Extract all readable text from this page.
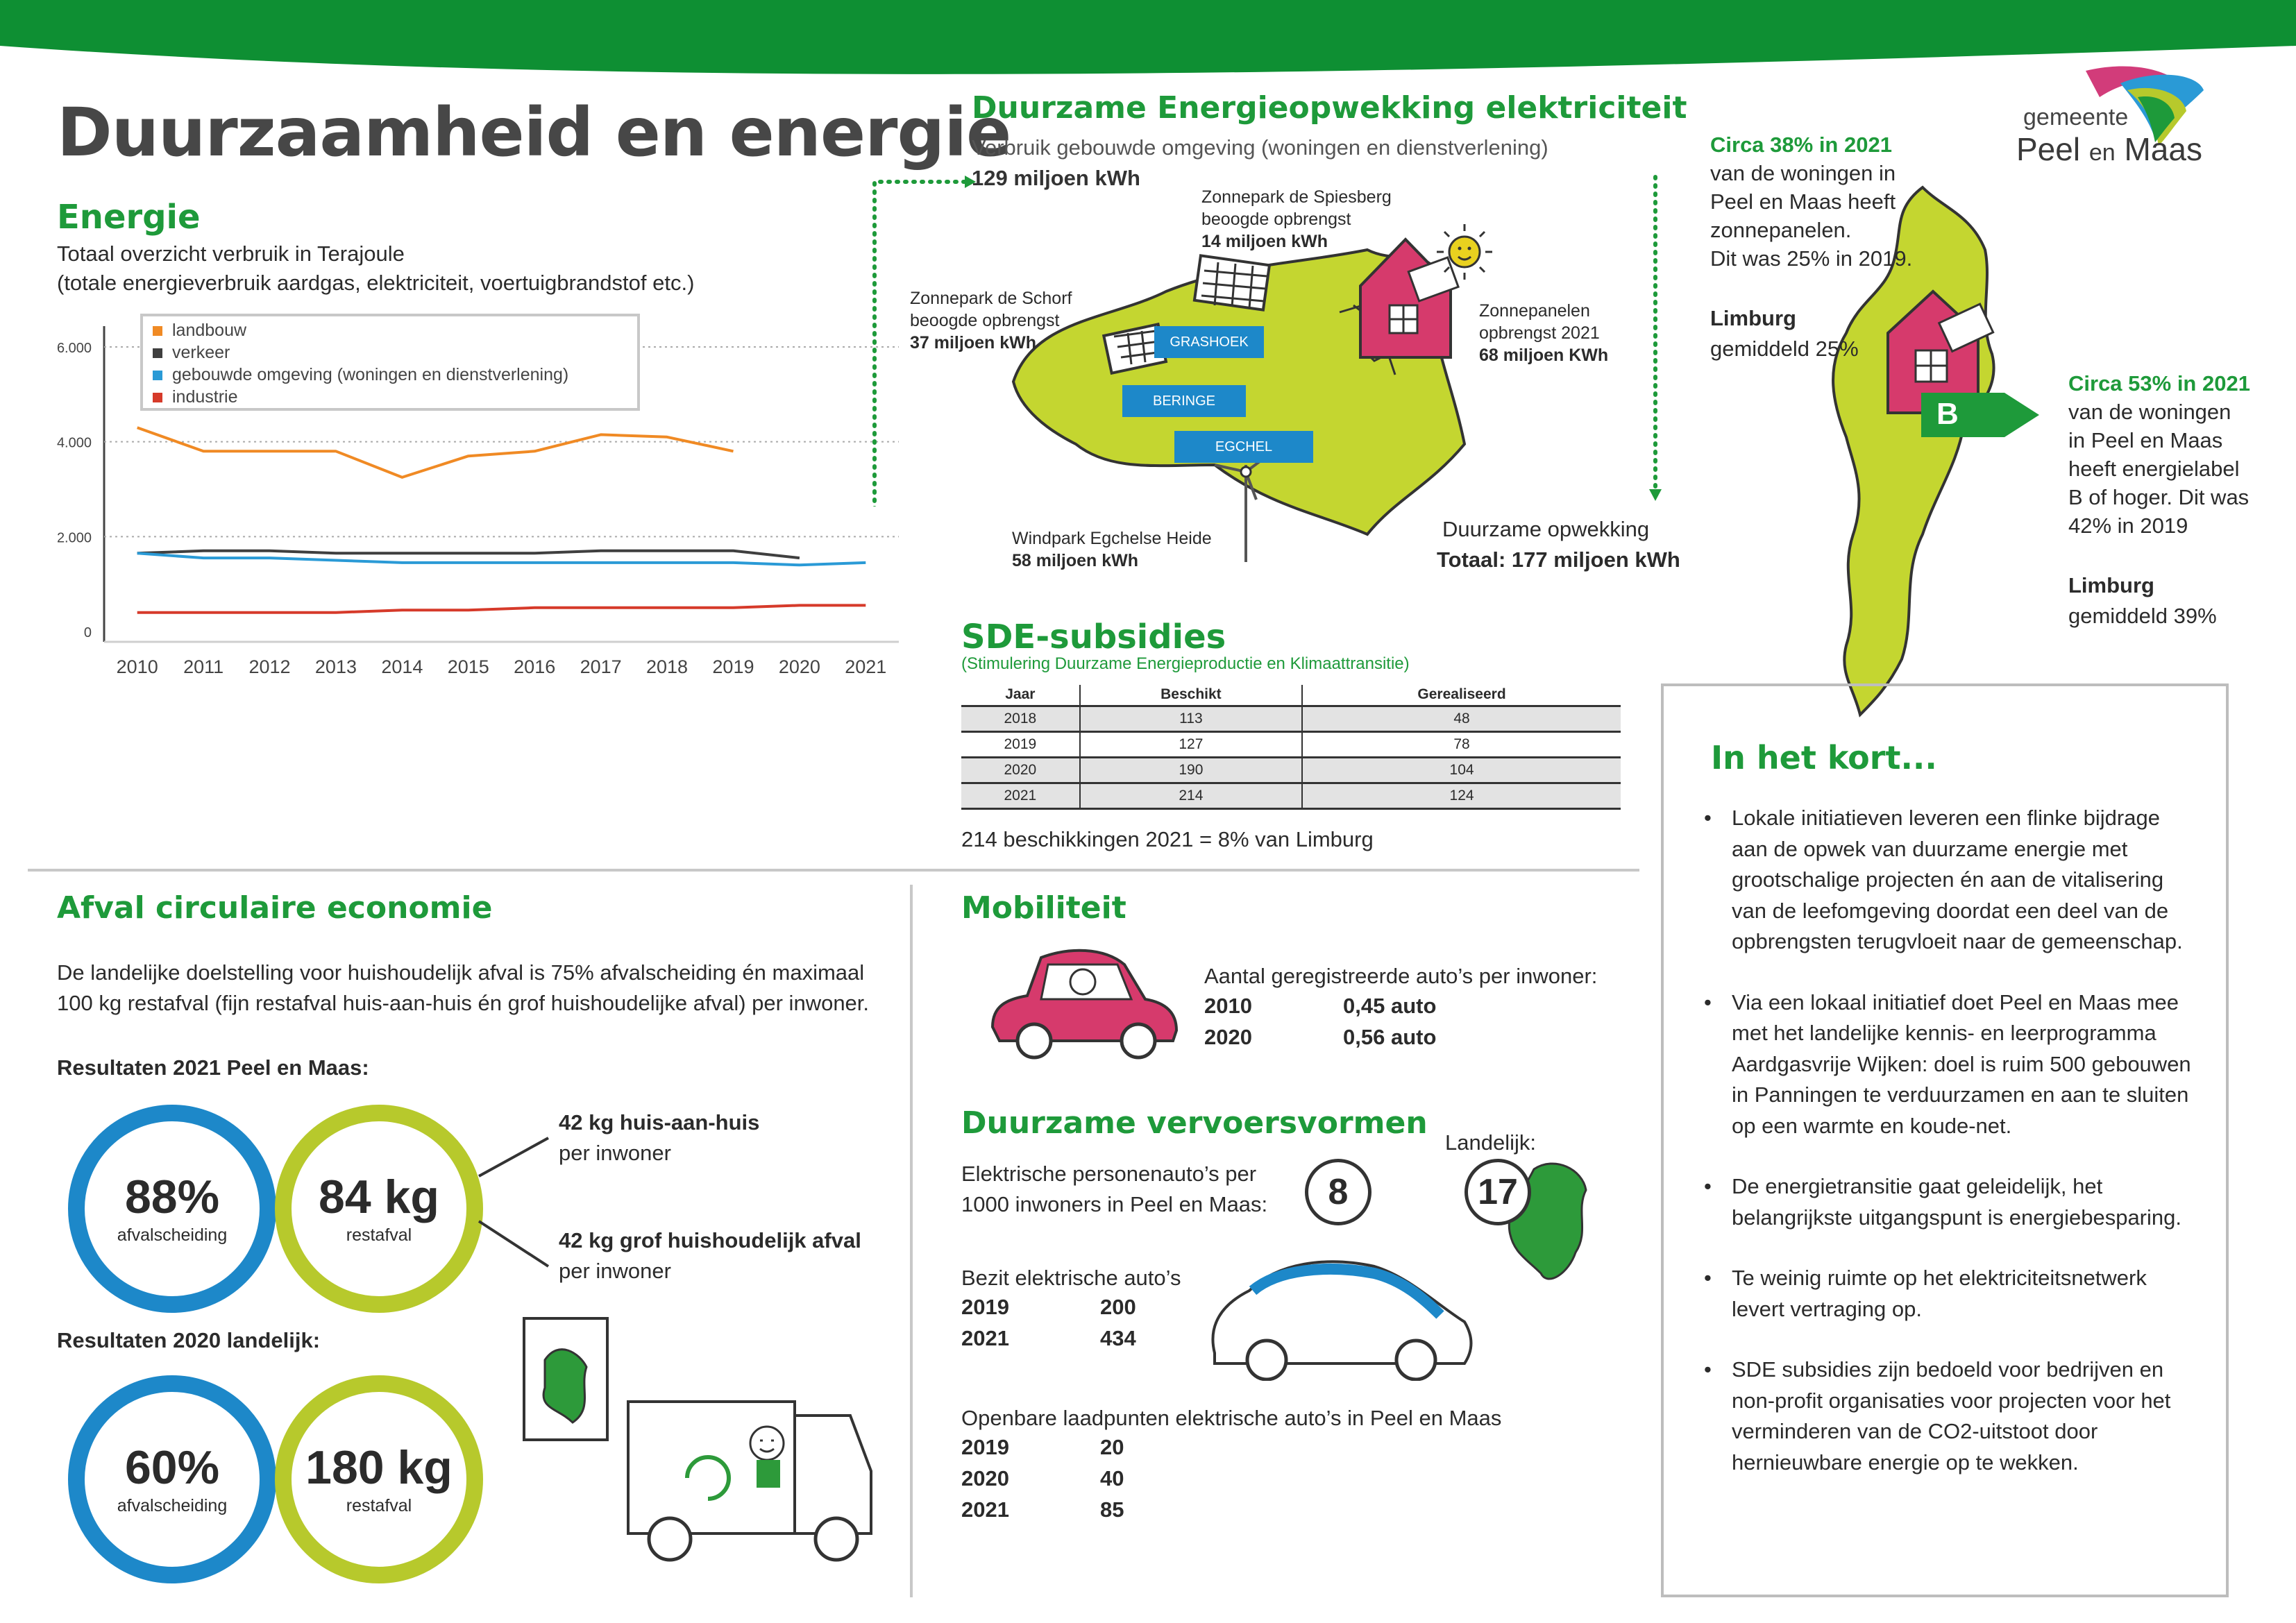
Duurzaamheid en energie	gemeente
Peel en Maas
Energie
Totaal overzicht verbruik in Terajoule
(totale energieverbruik aardgas, elektriciteit, voertuigbrandstof etc.)
0
2.000
4.000
6.000
2010 2011 2012 2013 2014 2015 2016 2017 2018 2019 2020 2021
landbouw
verkeer
gebouwde omgeving (woningen en dienstverlening)
industrie
Duurzame Energieopwekking elektriciteit
Verbruik gebouwde omgeving (woningen en dienstverlening)
129 miljoen kWh
GRASHOEK
BERINGE
EGCHEL
Zonnepark de Spiesberg
beoogde opbrengst
14 miljoen kWh
Zonnepark de Schorf
beoogde opbrengst
37 miljoen kWh
Zonnepanelen
opbrengst 2021
68 miljoen KWh
Windpark Egchelse Heide
58 miljoen kWh
Duurzame opwekking
Totaal: 177 miljoen kWh
SDE-subsidies
(Stimulering Duurzame Energieproductie en Klimaattransitie)
Jaar	Beschikt	Gerealiseerd
2018	113	48
2019	127	78
2020	190	104
2021	214	124
214 beschikkingen 2021 = 8% van Limburg
B
Circa 38% in 2021
van de woningen in
Peel en Maas heeft
zonnepanelen.
Dit was 25% in 2019.
Limburg
gemiddeld 25%
Circa 53% in 2021
van de woningen
in Peel en Maas
heeft energielabel
B of hoger. Dit was
42% in 2019
Limburg
gemiddeld 39%
In het kort...
• Lokale initiatieven leveren een flinke bijdrage aan de opwek van duurzame energie met grootschalige projecten én aan de vitalisering van de leefomgeving doordat een deel van de opbrengsten terugvloeit naar de gemeenschap.
• Via een lokaal initiatief doet Peel en Maas mee met het landelijke kennis- en leerprogramma Aardgasvrije Wijken: doel is ruim 500 gebouwen in Panningen te verduurzamen en aan te sluiten op een warmte en koude-net.
• De energietransitie gaat geleidelijk, het belangrijkste uitgangspunt is energiebesparing.
• Te weinig ruimte op het elektriciteitsnetwerk levert vertraging op.
• SDE subsidies zijn bedoeld voor bedrijven en non-profit organisaties voor projecten voor het verminderen van de CO2-uitstoot door hernieuwbare energie op te wekken.
Afval circulaire economie
De landelijke doelstelling voor huishoudelijk afval is 75% afvalscheiding én maximaal
100 kg restafval (fijn restafval huis-aan-huis én grof huishoudelijke afval) per inwoner.
Resultaten 2021 Peel en Maas:
88%
afvalscheiding
84 kg
restafval
42 kg huis-aan-huis
per inwoner
42 kg grof huishoudelijk afval
per inwoner
Resultaten 2020 landelijk:
60%
afvalscheiding
180 kg
restafval
Mobiliteit
Aantal geregistreerde auto’s per inwoner:
2010	0,45 auto
2020	0,56 auto
Duurzame vervoersvormen
Landelijk:
Elektrische personenauto’s per
1000 inwoners in Peel en Maas:	8	17
Bezit elektrische auto’s
2019	200
2021	434
Openbare laadpunten elektrische auto’s in Peel en Maas
2019	20
2020	40
2021	85
